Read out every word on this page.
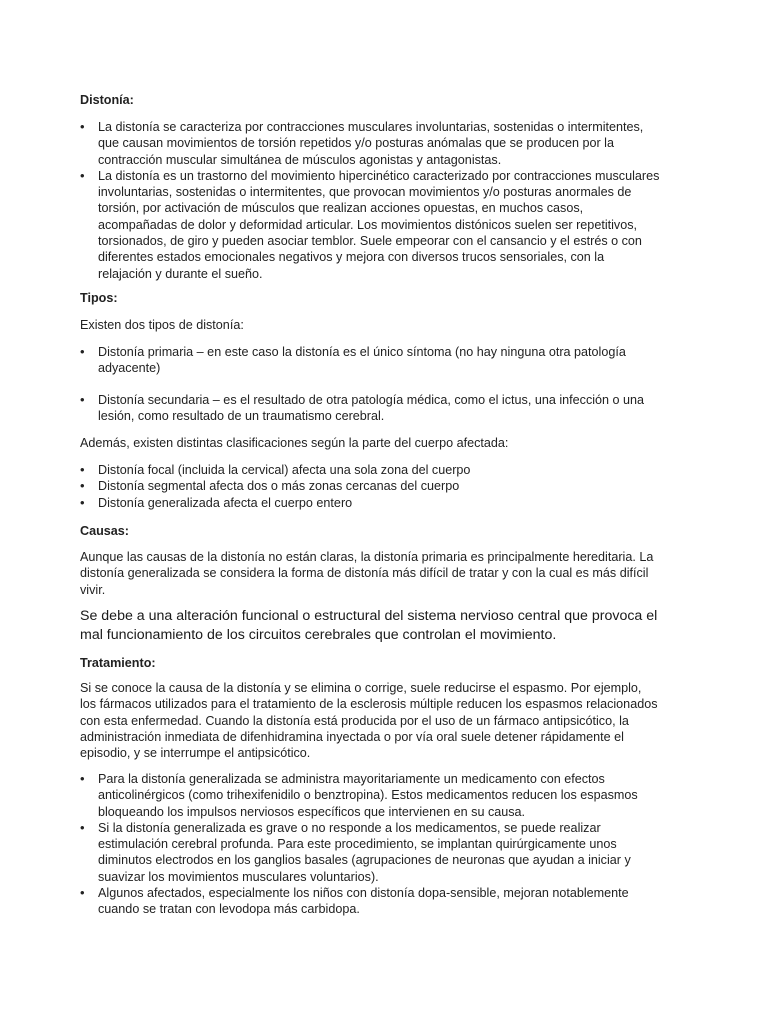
Distonía:
• La distonía se caracteriza por contracciones musculares involuntarias, sostenidas o intermitentes, que causan movimientos de torsión repetidos y/o posturas anómalas que se producen por la contracción muscular simultánea de músculos agonistas y antagonistas.
• La distonía es un trastorno del movimiento hipercinético caracterizado por contracciones musculares involuntarias, sostenidas o intermitentes, que provocan movimientos y/o posturas anormales de torsión, por activación de músculos que realizan acciones opuestas, en muchos casos, acompañadas de dolor y deformidad articular. Los movimientos distónicos suelen ser repetitivos, torsionados, de giro y pueden asociar temblor. Suele empeorar con el cansancio y el estrés o con diferentes estados emocionales negativos y mejora con diversos trucos sensoriales, con la relajación y durante el sueño.
Tipos:
Existen dos tipos de distonía:
• Distonía primaria – en este caso la distonía es el único síntoma (no hay ninguna otra patología adyacente)
• Distonía secundaria – es el resultado de otra patología médica, como el ictus, una infección o una lesión, como resultado de un traumatismo cerebral.
Además, existen distintas clasificaciones según la parte del cuerpo afectada:
• Distonía focal (incluida la cervical) afecta una sola zona del cuerpo
• Distonía segmental afecta dos o más zonas cercanas del cuerpo
• Distonía generalizada afecta el cuerpo entero
Causas:
Aunque las causas de la distonía no están claras, la distonía primaria es principalmente hereditaria. La distonía generalizada se considera la forma de distonía más difícil de tratar y con la cual es más difícil vivir.
Se debe a una alteración funcional o estructural del sistema nervioso central que provoca el mal funcionamiento de los circuitos cerebrales que controlan el movimiento.
Tratamiento:
Si se conoce la causa de la distonía y se elimina o corrige, suele reducirse el espasmo. Por ejemplo, los fármacos utilizados para el tratamiento de la esclerosis múltiple reducen los espasmos relacionados con esta enfermedad. Cuando la distonía está producida por el uso de un fármaco antipsicótico, la administración inmediata de difenhidramina inyectada o por vía oral suele detener rápidamente el episodio, y se interrumpe el antipsicótico.
• Para la distonía generalizada se administra mayoritariamente un medicamento con efectos anticolinérgicos (como trihexifenidilo o benztropina). Estos medicamentos reducen los espasmos bloqueando los impulsos nerviosos específicos que intervienen en su causa.
• Si la distonía generalizada es grave o no responde a los medicamentos, se puede realizar estimulación cerebral profunda. Para este procedimiento, se implantan quirúrgicamente unos diminutos electrodos en los ganglios basales (agrupaciones de neuronas que ayudan a iniciar y suavizar los movimientos musculares voluntarios).
• Algunos afectados, especialmente los niños con distonía dopa-sensible, mejoran notablemente cuando se tratan con levodopa más carbidopa.
